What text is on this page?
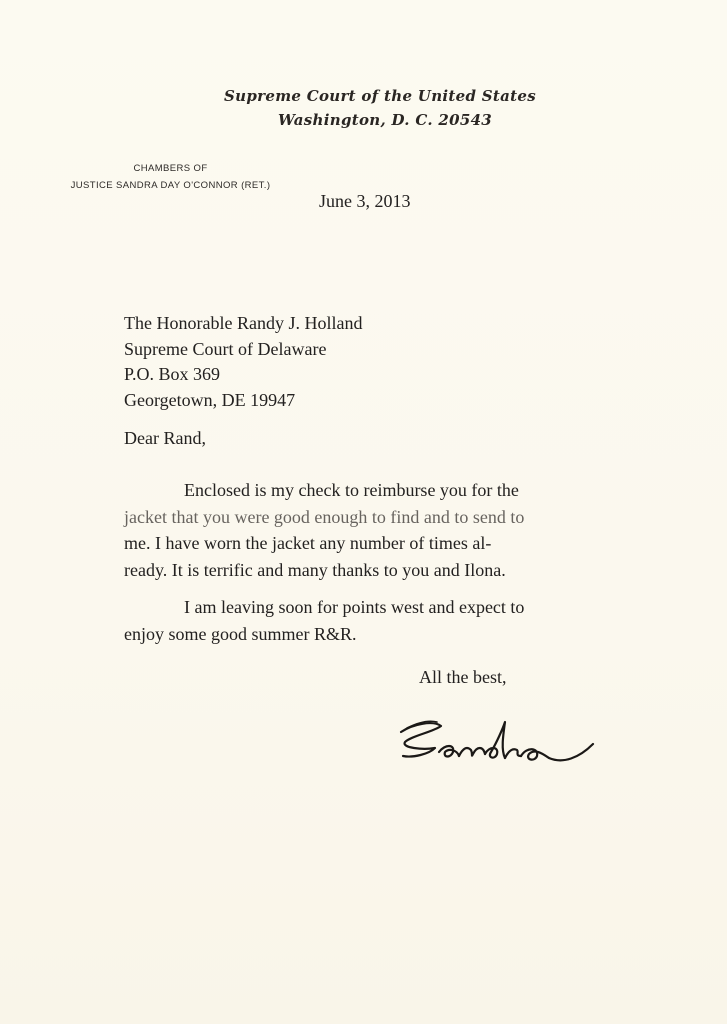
Supreme Court of the United States
Washington, D. C. 20543
CHAMBERS OF
JUSTICE SANDRA DAY O'CONNOR (RET.)
June 3, 2013
The Honorable Randy J. Holland
Supreme Court of Delaware
P.O. Box 369
Georgetown, DE 19947
Dear Rand,
Enclosed is my check to reimburse you for the
jacket that you were good enough to find and to send to
me. I have worn the jacket any number of times al-
ready. It is terrific and many thanks to you and Ilona.
I am leaving soon for points west and expect to
enjoy some good summer R&R.
All the best,
